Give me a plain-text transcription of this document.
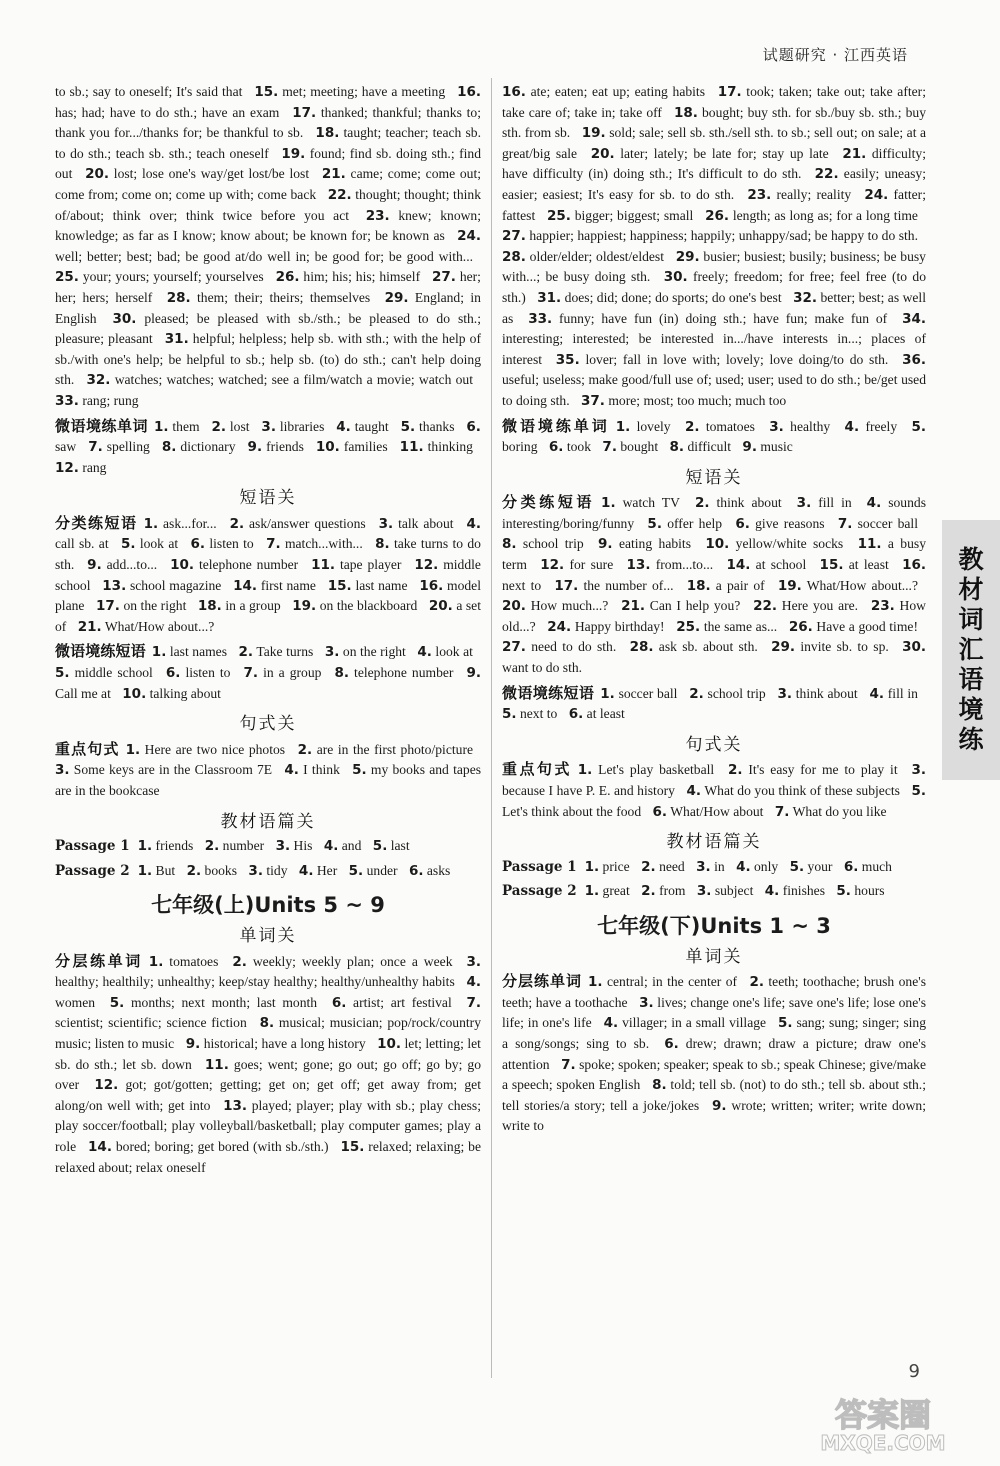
试题研究 · 江西英语
to sb.; say to oneself; It's said that 15. met; meeting; have a meeting 16. has; had; have to do sth.; have an exam 17. thanked; thankful; thanks to; thank you for.../thanks for; be thankful to sb. 18. taught; teacher; teach sb. to do sth.; teach sb. sth.; teach oneself 19. found; find sb. doing sth.; find out 20. lost; lose one's way/get lost/be lost 21. came; come; come out; come from; come on; come up with; come back 22. thought; thought; think of/about; think over; think twice before you act 23. knew; known; knowledge; as far as I know; know about; be known for; be known as 24. well; better; best; bad; be good at/do well in; be good for; be good with... 25. your; yours; yourself; yourselves 26. him; his; his; himself 27. her; her; hers; herself 28. them; their; theirs; themselves 29. England; in English 30. pleased; be pleased with sb./sth.; be pleased to do sth.; pleasure; pleasant 31. helpful; helpless; help sb. with sth.; with the help of sb./with one's help; be helpful to sb.; help sb. (to) do sth.; can't help doing sth. 32. watches; watches; watched; see a film/watch a movie; watch out 33. rang; rung
微语境练单词 1. them 2. lost 3. libraries 4. taught 5. thanks 6. saw 7. spelling 8. dictionary 9. friends 10. families 11. thinking 12. rang
短语关
分类练短语 1. ask...for... 2. ask/answer questions 3. talk about 4. call sb. at 5. look at 6. listen to 7. match...with... 8. take turns to do sth. 9. add...to... 10. telephone number 11. tape player 12. middle school 13. school magazine 14. first name 15. last name 16. model plane 17. on the right 18. in a group 19. on the blackboard 20. a set of 21. What/How about...?
微语境练短语 1. last names 2. Take turns 3. on the right 4. look at 5. middle school 6. listen to 7. in a group 8. telephone number 9. Call me at 10. talking about
句式关
重点句式 1. Here are two nice photos 2. are in the first photo/picture 3. Some keys are in the Classroom 7E 4. I think 5. my books and tapes are in the bookcase
教材语篇关
Passage 1 1. friends 2. number 3. His 4. and 5. last
Passage 2 1. But 2. books 3. tidy 4. Her 5. under 6. asks
七年级(上)Units 5 ~ 9
单词关
分层练单词 1. tomatoes 2. weekly; weekly plan; once a week 3. healthy; healthily; unhealthy; keep/stay healthy; healthy/unhealthy habits 4. women 5. months; next month; last month 6. artist; art festival 7. scientist; scientific; science fiction 8. musical; musician; pop/rock/country music; listen to music 9. historical; have a long history 10. let; letting; let sb. do sth.; let sb. down 11. goes; went; gone; go out; go off; go by; go over 12. got; got/gotten; getting; get on; get off; get away from; get along/on well with; get into 13. played; player; play with sb.; play chess; play soccer/football; play volleyball/basketball; play computer games; play a role 14. bored; boring; get bored (with sb./sth.) 15. relaxed; relaxing; be relaxed about; relax oneself
16. ate; eaten; eat up; eating habits 17. took; taken; take out; take after; take care of; take in; take off 18. bought; buy sth. for sb./buy sb. sth.; buy sth. from sb. 19. sold; sale; sell sb. sth./sell sth. to sb.; sell out; on sale; at a great/big sale 20. later; lately; be late for; stay up late 21. difficulty; have difficulty (in) doing sth.; It's difficult to do sth. 22. easily; uneasy; easier; easiest; It's easy for sb. to do sth. 23. really; reality 24. fatter; fattest 25. bigger; biggest; small 26. length; as long as; for a long time 27. happier; happiest; happiness; happily; unhappy/sad; be happy to do sth. 28. older/elder; oldest/eldest 29. busier; busiest; busily; business; be busy with...; be busy doing sth. 30. freely; freedom; for free; feel free (to do sth.) 31. does; did; done; do sports; do one's best 32. better; best; as well as 33. funny; have fun (in) doing sth.; have fun; make fun of 34. interesting; interested; be interested in.../have interests in...; places of interest 35. lover; fall in love with; lovely; love doing/to do sth. 36. useful; useless; make good/full use of; used; user; used to do sth.; be/get used to doing sth. 37. more; most; too much; much too
微语境练单词 1. lovely 2. tomatoes 3. healthy 4. freely 5. boring 6. took 7. bought 8. difficult 9. music
短语关
分类练短语 1. watch TV 2. think about 3. fill in 4. sounds interesting/boring/funny 5. offer help 6. give reasons 7. soccer ball 8. school trip 9. eating habits 10. yellow/white socks 11. a busy term 12. for sure 13. from...to... 14. at school 15. at least 16. next to 17. the number of... 18. a pair of 19. What/How about...? 20. How much...? 21. Can I help you? 22. Here you are. 23. How old...? 24. Happy birthday! 25. the same as... 26. Have a good time! 27. need to do sth. 28. ask sb. about sth. 29. invite sb. to sp. 30. want to do sth.
微语境练短语 1. soccer ball 2. school trip 3. think about 4. fill in 5. next to 6. at least
句式关
重点句式 1. Let's play basketball 2. It's easy for me to play it 3. because I have P. E. and history 4. What do you think of these subjects 5. Let's think about the food 6. What/How about 7. What do you like
教材语篇关
Passage 1 1. price 2. need 3. in 4. only 5. your 6. much
Passage 2 1. great 2. from 3. subject 4. finishes 5. hours
七年级(下)Units 1 ~ 3
单词关
分层练单词 1. central; in the center of 2. teeth; toothache; brush one's teeth; have a toothache 3. lives; change one's life; save one's life; lose one's life; in one's life 4. villager; in a small village 5. sang; sung; singer; sing a song/songs; sing to sb. 6. drew; drawn; draw a picture; draw one's attention 7. spoke; spoken; speaker; speak to sb.; speak Chinese; give/make a speech; spoken English 8. told; tell sb. (not) to do sth.; tell sb. about sth.; tell stories/a story; tell a joke/jokes 9. wrote; written; writer; write down; write to
教
材
词
汇
语
境
练
9
答案圈
MXQE.COM
